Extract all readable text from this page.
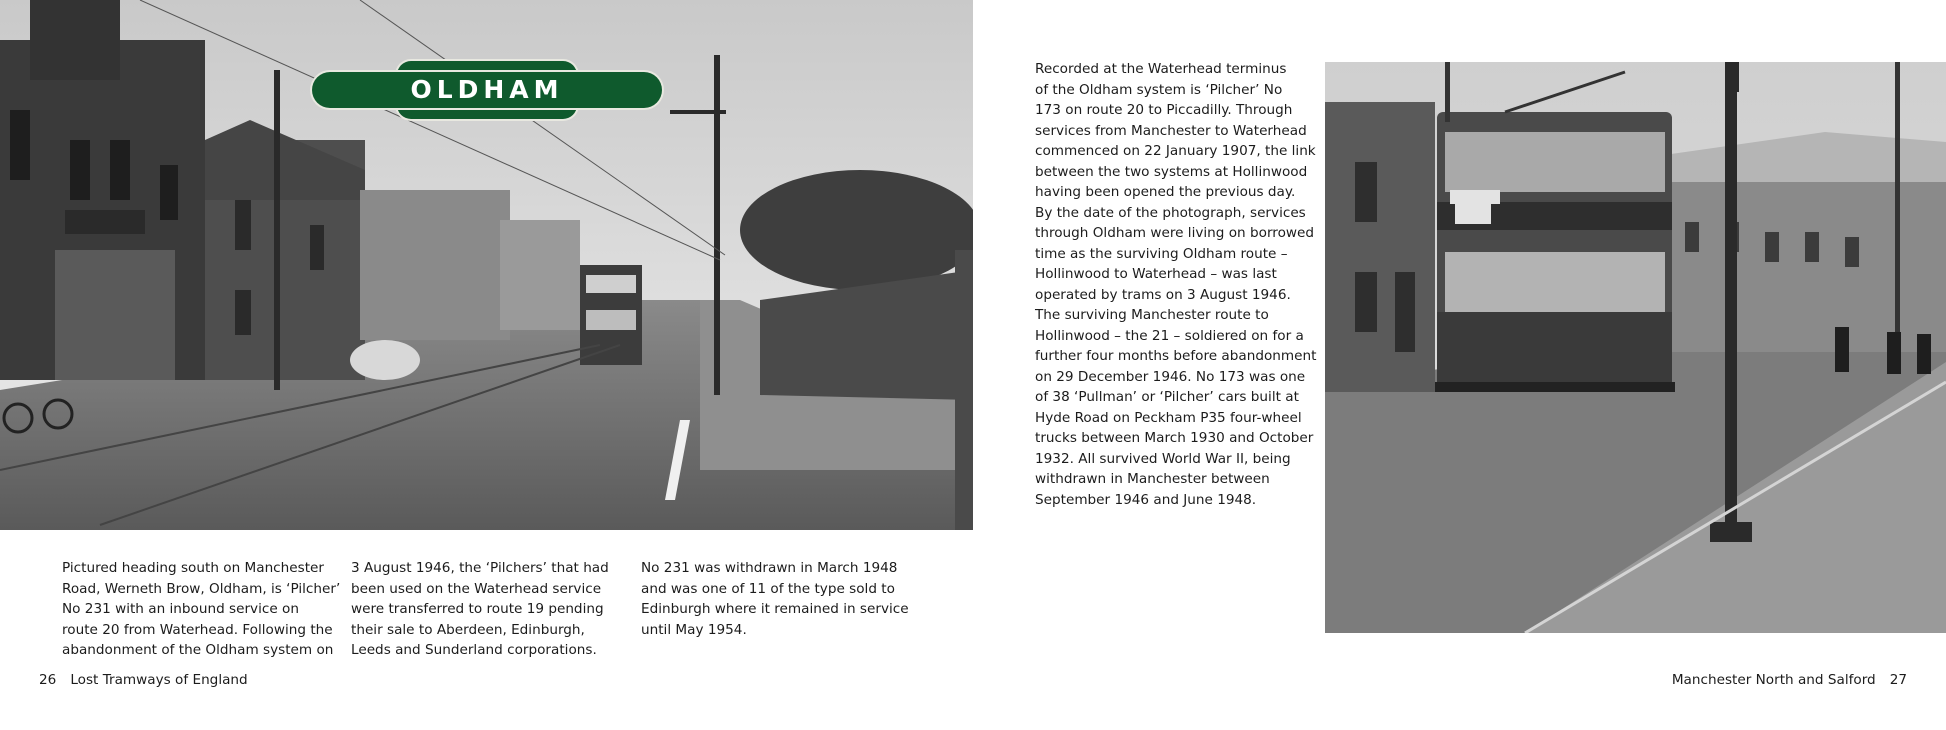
OLDHAM

Pictured heading south on Manchester

Road, Werneth Brow, Oldham, is ‘Pilcher’

No 231 with an inbound service on

route 20 from Waterhead. Following the

abandonment of the Oldham system on

3 August 1946, the ‘Pilchers’ that had

been used on the Waterhead service

were transferred to route 19 pending

their sale to Aberdeen, Edinburgh,

Leeds and Sunderland corporations.

No 231 was withdrawn in March 1948

and was one of 11 of the type sold to

Edinburgh where it remained in service

until May 1954.

Recorded at the Waterhead terminus

of the Oldham system is ‘Pilcher’ No

173 on route 20 to Piccadilly. Through

services from Manchester to Waterhead

commenced on 22 January 1907, the link

between the two systems at Hollinwood

having been opened the previous day.

By the date of the photograph, services

through Oldham were living on borrowed

time as the surviving Oldham route –

Hollinwood to Waterhead – was last

operated by trams on 3 August 1946.

The surviving Manchester route to

Hollinwood – the 21 – soldiered on for a

further four months before abandonment

on 29 December 1946. No 173 was one

of 38 ‘Pullman’ or ‘Pilcher’ cars built at

Hyde Road on Peckham P35 four-wheel

trucks between March 1930 and October

1932. All survived World War II, being

withdrawn in Manchester between

September 1946 and June 1948.

26 Lost Tramways of England	Manchester North and Salford 27
